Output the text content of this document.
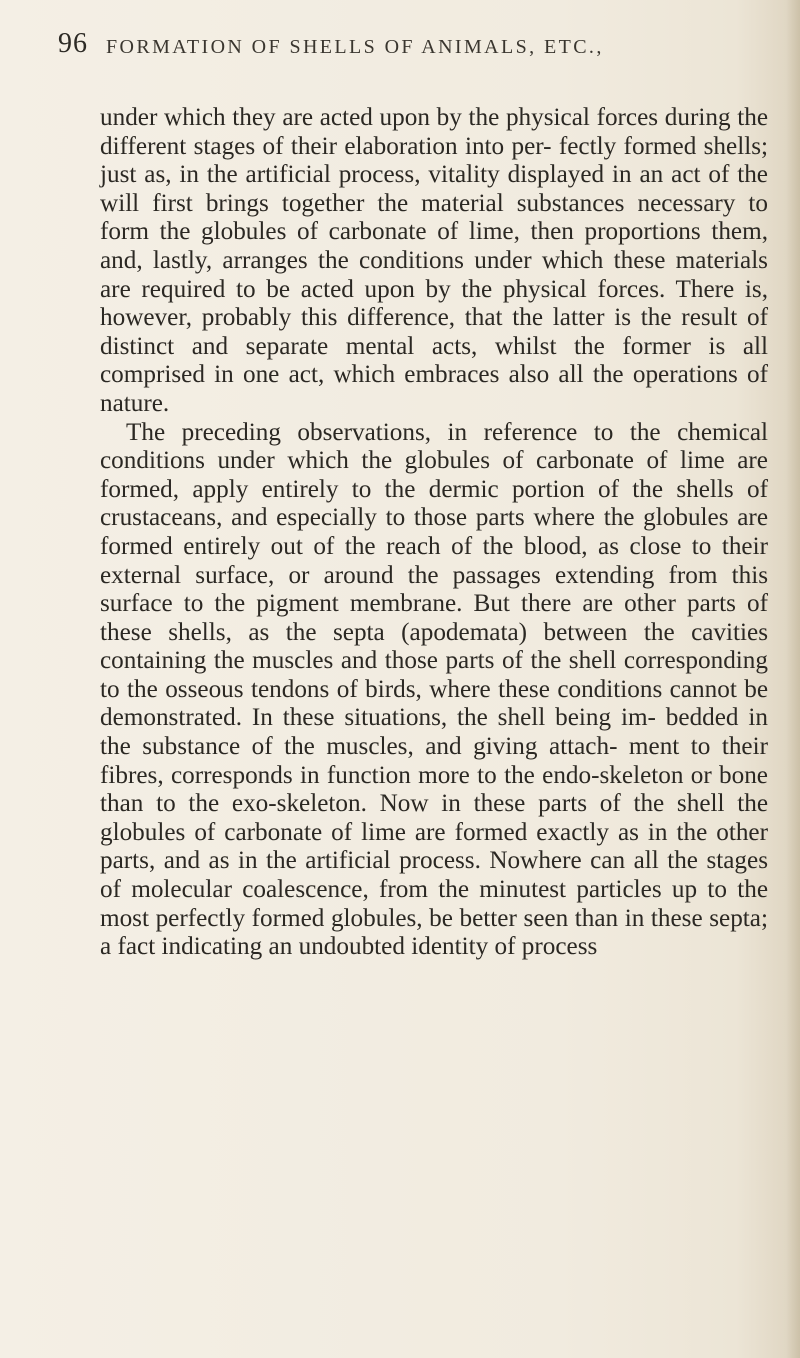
96 FORMATION OF SHELLS OF ANIMALS, ETC.,

under which they are acted upon by the physical forces during the different stages of their elaboration into per- fectly formed shells; just as, in the artificial process, vitality displayed in an act of the will first brings together the material substances necessary to form the globules of carbonate of lime, then proportions them, and, lastly, arranges the conditions under which these materials are required to be acted upon by the physical forces. There is, however, probably this difference, that the latter is the result of distinct and separate mental acts, whilst the former is all comprised in one act, which embraces also all the operations of nature.

The preceding observations, in reference to the chemical conditions under which the globules of carbonate of lime are formed, apply entirely to the dermic portion of the shells of crustaceans, and especially to those parts where the globules are formed entirely out of the reach of the blood, as close to their external surface, or around the passages extending from this surface to the pigment membrane. But there are other parts of these shells, as the septa (apodemata) between the cavities containing the muscles and those parts of the shell corresponding to the osseous tendons of birds, where these conditions cannot be demonstrated. In these situations, the shell being im- bedded in the substance of the muscles, and giving attach- ment to their fibres, corresponds in function more to the endo-skeleton or bone than to the exo-skeleton. Now in these parts of the shell the globules of carbonate of lime are formed exactly as in the other parts, and as in the artificial process. Nowhere can all the stages of molecular coalescence, from the minutest particles up to the most perfectly formed globules, be better seen than in these septa; a fact indicating an undoubted identity of process
